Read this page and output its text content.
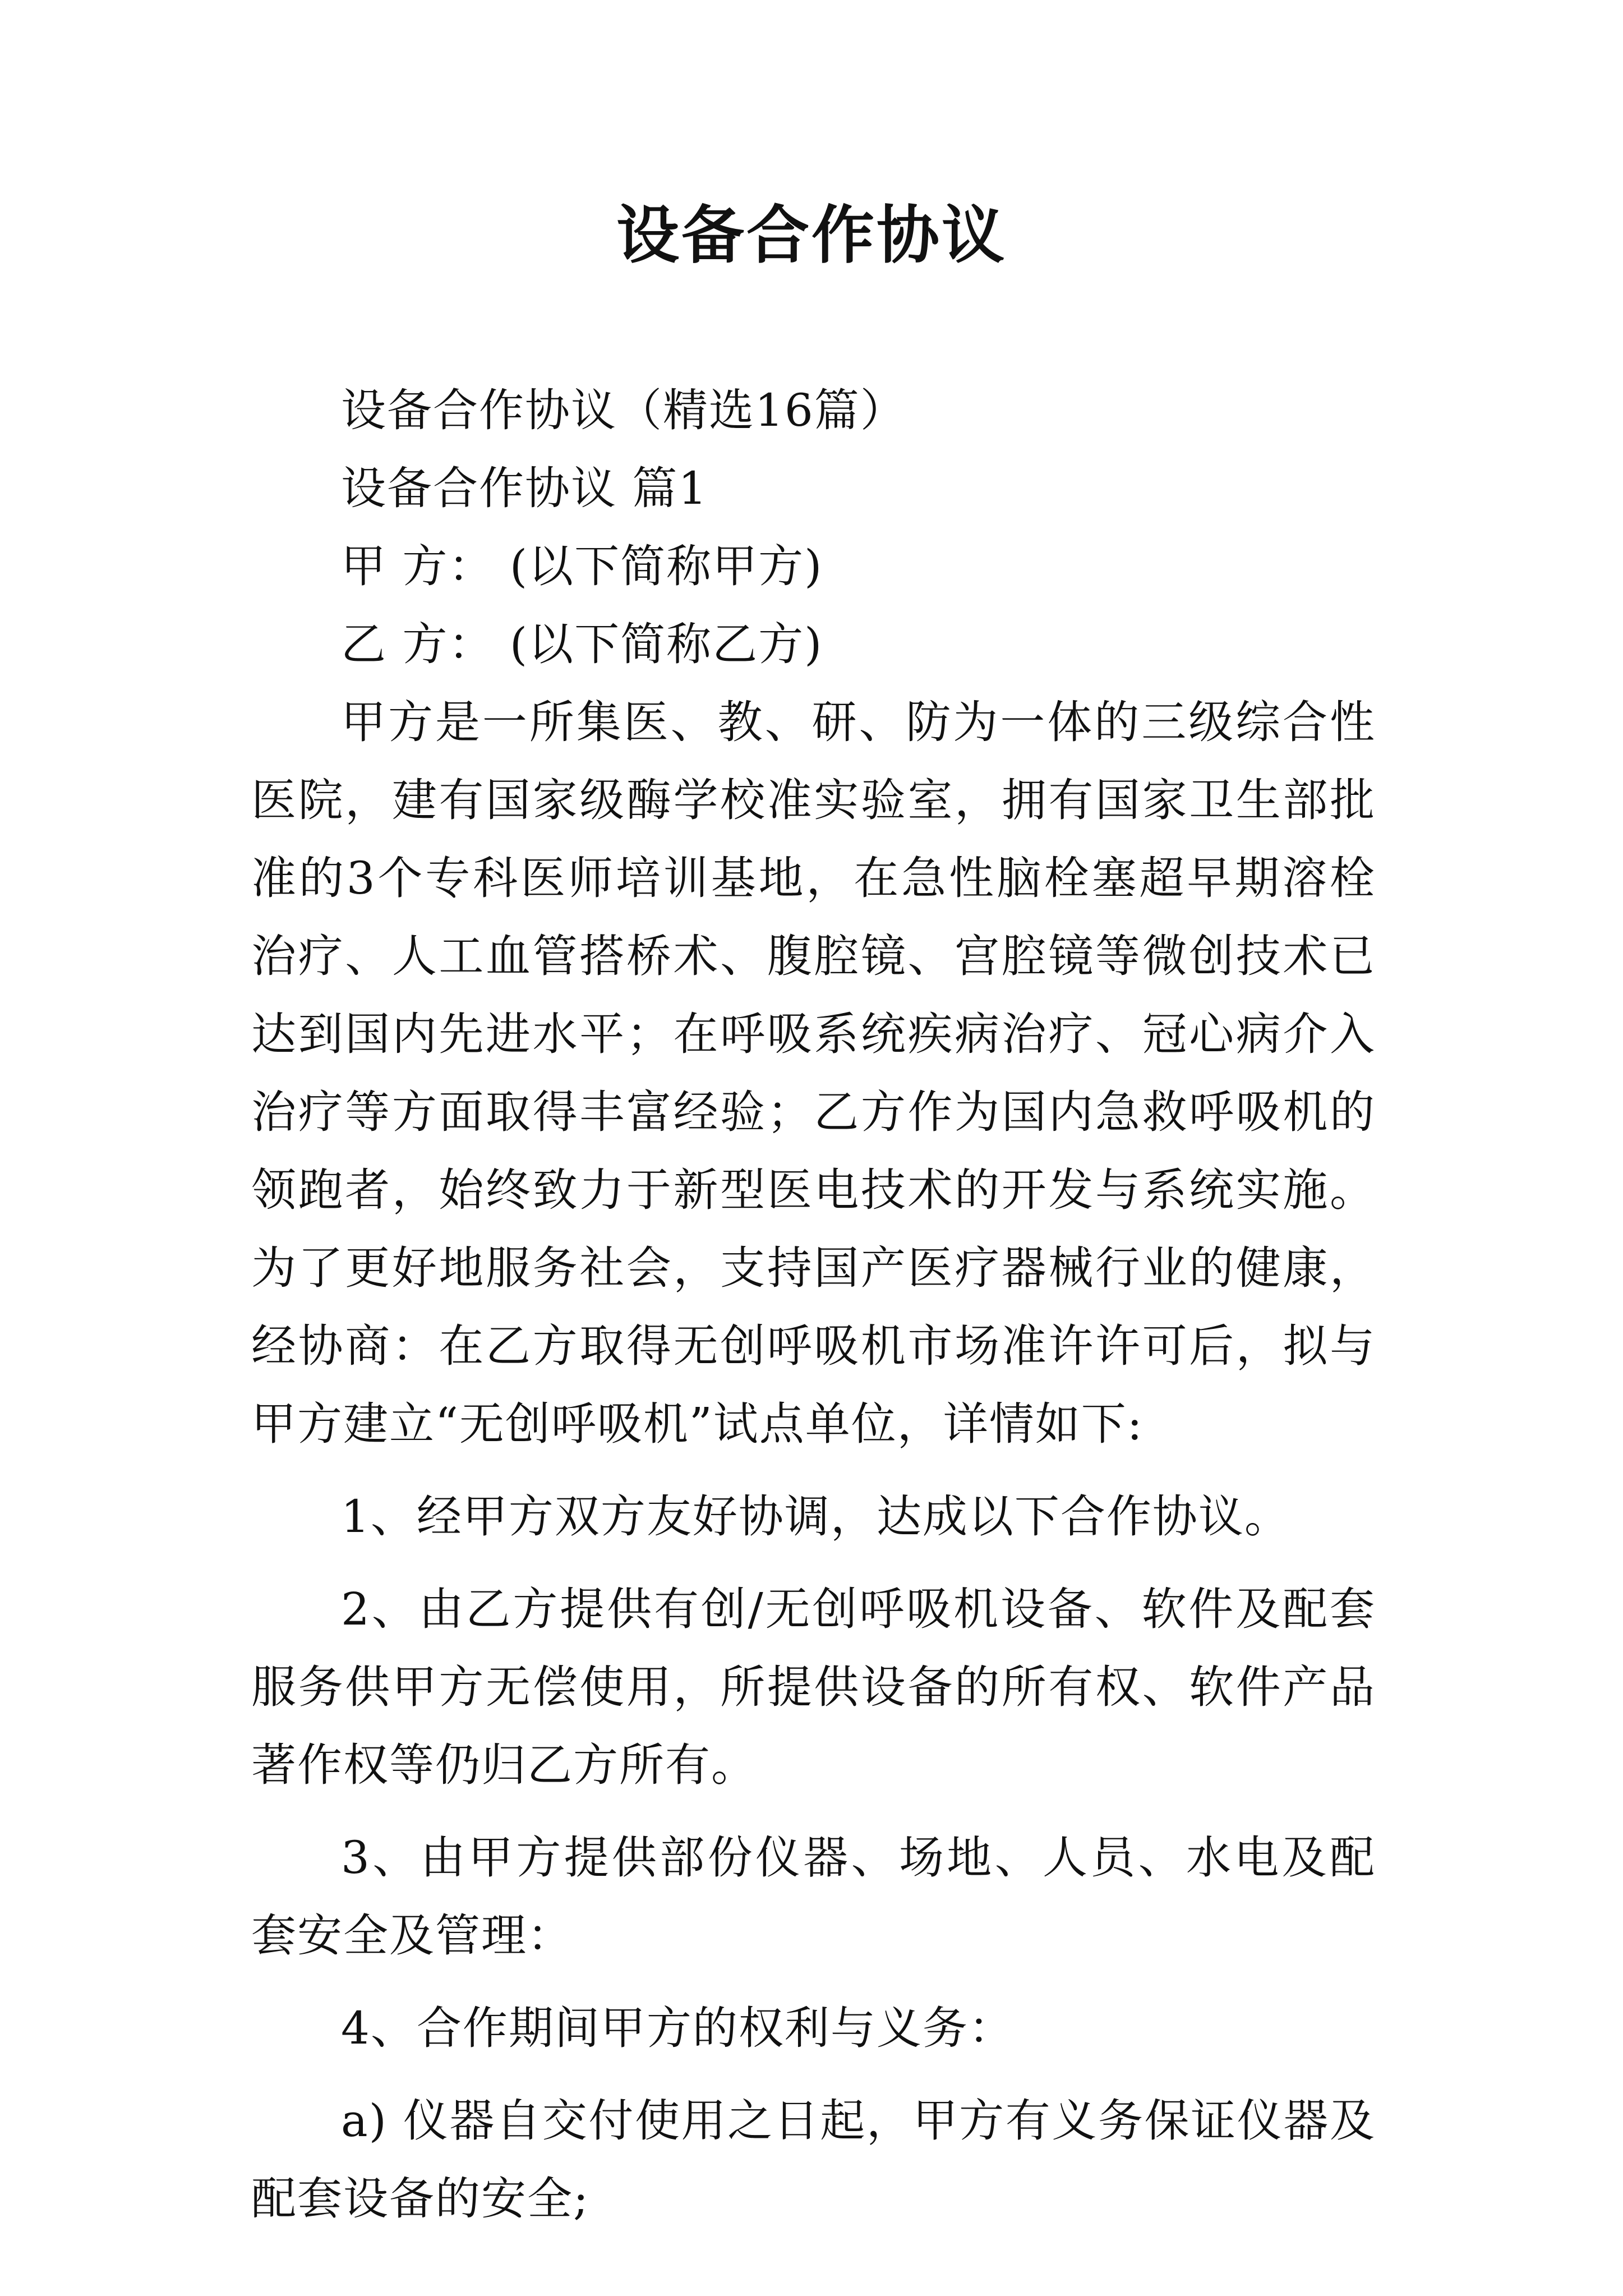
设备合作协议

设备合作协议（精选16篇）

设备合作协议 篇1

甲 方： (以下简称甲方)

乙 方： (以下简称乙方)

甲方是一所集医、教、研、防为一体的三级综合性医院，建有国家级酶学校准实验室，拥有国家卫生部批准的3个专科医师培训基地，在急性脑栓塞超早期溶栓治疗、人工血管搭桥术、腹腔镜、宫腔镜等微创技术已达到国内先进水平；在呼吸系统疾病治疗、冠心病介入治疗等方面取得丰富经验；乙方作为国内急救呼吸机的领跑者，始终致力于新型医电技术的开发与系统实施。为了更好地服务社会，支持国产医疗器械行业的健康，经协商：在乙方取得无创呼吸机市场准许许可后，拟与甲方建立“无创呼吸机”试点单位，详情如下:

1、经甲方双方友好协调，达成以下合作协议。

2、由乙方提供有创/无创呼吸机设备、软件及配套服务供甲方无偿使用，所提供设备的所有权、软件产品著作权等仍归乙方所有。

3、由甲方提供部份仪器、场地、人员、水电及配套安全及管理：

4、合作期间甲方的权利与义务：

a) 仪器自交付使用之日起，甲方有义务保证仪器及配套设备的安全;
